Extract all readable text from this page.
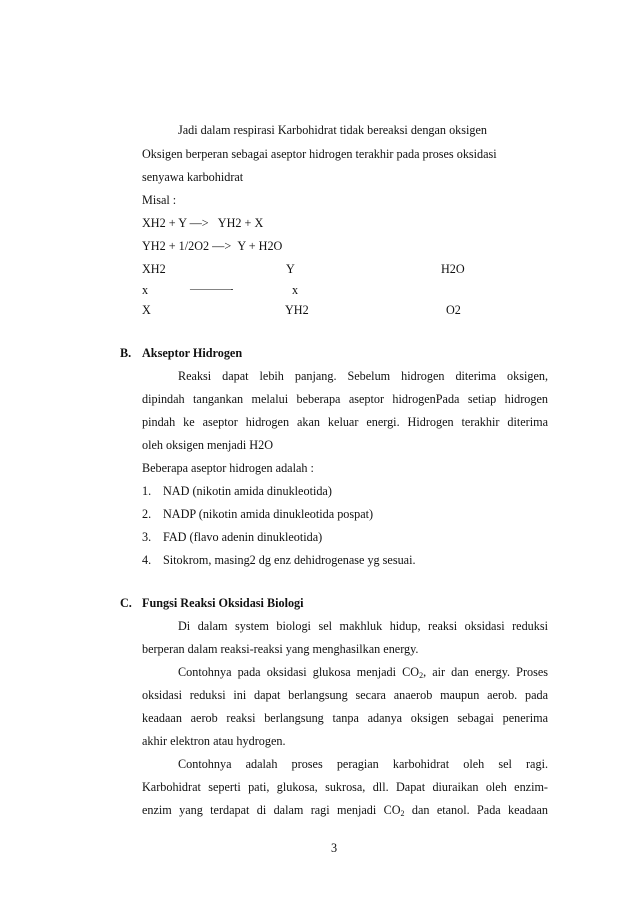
Jadi dalam respirasi Karbohidrat tidak bereaksi dengan oksigen
Oksigen berperan sebagai aseptor hidrogen terakhir pada proses oksidasi
senyawa karbohidrat
Misal :
XH2 + Y —>   YH2 + X
YH2 + 1/2O2 —>  Y + H2O
XH2	Y	H2O
x	————-	x
X	YH2	O2
B. Akseptor Hidrogen
Reaksi dapat lebih panjang. Sebelum hidrogen diterima oksigen,
dipindah tangankan melalui beberapa aseptor hidrogenPada setiap hidrogen
pindah ke aseptor hidrogen akan keluar energi. Hidrogen terakhir diterima
oleh oksigen menjadi H2O
Beberapa aseptor hidrogen adalah :
1. NAD (nikotin amida dinukleotida)
2. NADP (nikotin amida dinukleotida pospat)
3. FAD (flavo adenin dinukleotida)
4. Sitokrom, masing2 dg enz dehidrogenase yg sesuai.
C. Fungsi Reaksi Oksidasi Biologi
Di dalam system biologi sel makhluk hidup, reaksi oksidasi reduksi
berperan dalam reaksi-reaksi yang menghasilkan energy.
Contohnya pada oksidasi glukosa menjadi $CO_2$, air dan energy. Proses
oksidasi reduksi ini dapat berlangsung secara anaerob maupun aerob. pada
keadaan aerob reaksi berlangsung tanpa adanya oksigen sebagai penerima
akhir elektron atau hydrogen.
Contohnya adalah proses peragian karbohidrat oleh sel ragi.
Karbohidrat seperti pati, glukosa, sukrosa, dll. Dapat diuraikan oleh enzim-
enzim yang terdapat di dalam ragi menjadi $CO_2$ dan etanol. Pada keadaan
3
